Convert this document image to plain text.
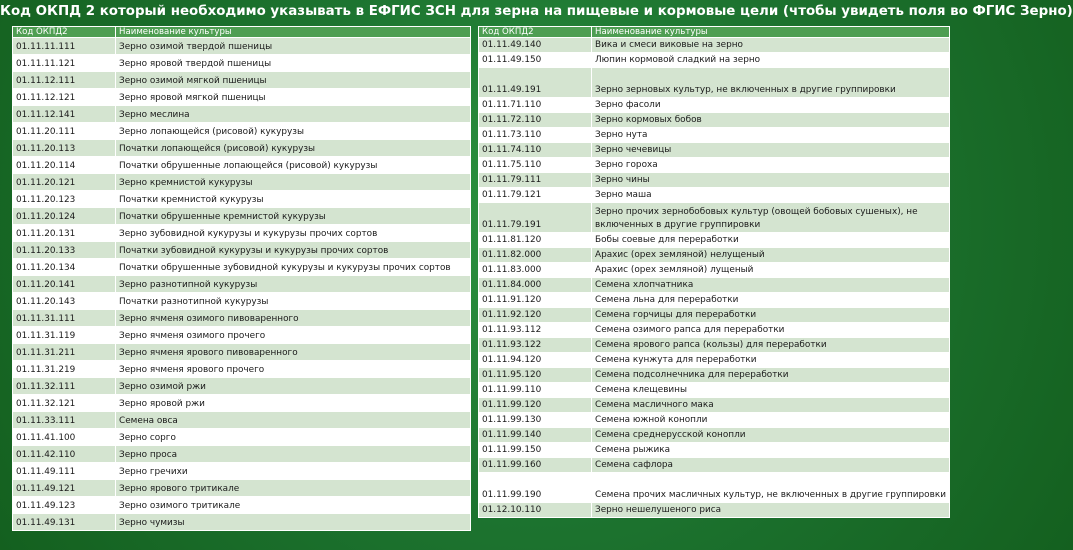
Код ОКПД 2 который необходимо указывать в ЕФГИС ЗСН для зерна на пищевые и кормовые цели (чтобы увидеть поля во ФГИС Зерно)
Код ОКПД2	Наименование культуры
01.11.11.111	Зерно озимой твердой пшеницы
01.11.11.121	Зерно яровой твердой пшеницы
01.11.12.111	Зерно озимой мягкой пшеницы
01.11.12.121	Зерно яровой мягкой пшеницы
01.11.12.141	Зерно меслина
01.11.20.111	Зерно лопающейся (рисовой) кукурузы
01.11.20.113	Початки лопающейся (рисовой) кукурузы
01.11.20.114	Початки обрушенные лопающейся (рисовой) кукурузы
01.11.20.121	Зерно кремнистой кукурузы
01.11.20.123	Початки кремнистой кукурузы
01.11.20.124	Початки обрушенные кремнистой кукурузы
01.11.20.131	Зерно зубовидной кукурузы и кукурузы прочих сортов
01.11.20.133	Початки зубовидной кукурузы и кукурузы прочих сортов
01.11.20.134	Початки обрушенные зубовидной кукурузы и кукурузы прочих сортов
01.11.20.141	Зерно разнотипной кукурузы
01.11.20.143	Початки разнотипной кукурузы
01.11.31.111	Зерно ячменя озимого пивоваренного
01.11.31.119	Зерно ячменя озимого прочего
01.11.31.211	Зерно ячменя ярового пивоваренного
01.11.31.219	Зерно ячменя ярового прочего
01.11.32.111	Зерно озимой ржи
01.11.32.121	Зерно яровой ржи
01.11.33.111	Семена овса
01.11.41.100	Зерно сорго
01.11.42.110	Зерно проса
01.11.49.111	Зерно гречихи
01.11.49.121	Зерно ярового тритикале
01.11.49.123	Зерно озимого тритикале
01.11.49.131	Зерно чумизы
Код ОКПД2	Наименование культуры
01.11.49.140	Вика и смеси виковые на зерно
01.11.49.150	Люпин кормовой сладкий на зерно
01.11.49.191	Зерно зерновых культур, не включенных в другие группировки
01.11.71.110	Зерно фасоли
01.11.72.110	Зерно кормовых бобов
01.11.73.110	Зерно нута
01.11.74.110	Зерно чечевицы
01.11.75.110	Зерно гороха
01.11.79.111	Зерно чины
01.11.79.121	Зерно маша
01.11.79.191	Зерно прочих зернобобовых культур (овощей бобовых сушеных), не включенных в другие группировки
01.11.81.120	Бобы соевые для переработки
01.11.82.000	Арахис (орех земляной) нелущеный
01.11.83.000	Арахис (орех земляной) лущеный
01.11.84.000	Семена хлопчатника
01.11.91.120	Семена льна для переработки
01.11.92.120	Семена горчицы для переработки
01.11.93.112	Семена озимого рапса для переработки
01.11.93.122	Семена ярового рапса (кользы) для переработки
01.11.94.120	Семена кунжута для переработки
01.11.95.120	Семена подсолнечника для переработки
01.11.99.110	Семена клещевины
01.11.99.120	Семена масличного мака
01.11.99.130	Семена южной конопли
01.11.99.140	Семена среднерусской конопли
01.11.99.150	Семена рыжика
01.11.99.160	Семена сафлора
01.11.99.190	Семена прочих масличных культур, не включенных в другие группировки
01.12.10.110	Зерно нешелушеного риса
